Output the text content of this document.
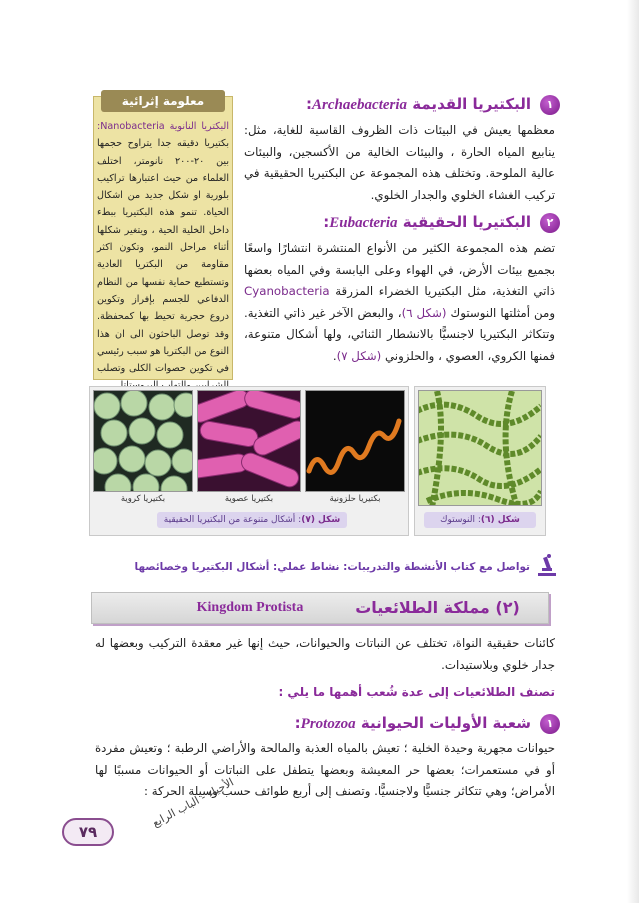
١
البكتيريا القديمة Archaebacteria:
معظمها يعيش في البيئات ذات الظروف القاسية للغاية، مثل: ينابيع المياه الحارة ، والبيئات الخالية من الأكسجين، والبيئات عالية الملوحة. وتختلف هذه المجموعة عن البكتيريا الحقيقية في تركيب الغشاء الخلوي والجدار الخلوي.
٢
البكتيريا الحقيقية Eubacteria:
تضم هذه المجموعة الكثير من الأنواع المنتشرة انتشارًا واسعًا بجميع بيئات الأرض، في الهواء وعلى اليابسة وفي المياه بعضها ذاتي التغذية، مثل البكتيريا الخضراء المزرقة Cyanobacteria ومن أمثلتها النوستوك (شكل ٦)، والبعض الآخر غير ذاتي التغذية. وتتكاثر البكتيريا لاجنسيًّا بالانشطار الثنائي، ولها أشكال متنوعة، فمنها الكروي، العصوي ، والحلزوني (شكل ٧).
معلومة إثرائية
البكتريا النانوية Nanobacteria: بكتيريا دقيقه جدا يتراوح حجمها بين ٢٠-٢٠٠ نانومتر، اختلف العلماء من حيث اعتبارها تراكيب بلورية او شكل جديد من اشكال الحياة. تنمو هذه البكتيريا ببطء داخل الخلية الحية ، ويتغير شكلها أثناء مراحل النمو، وتكون اكثر مقاومة من البكتريا العادية وتستطيع حماية نفسها من النظام الدفاعي للجسم بإفراز وتكوين دروع حجرية تحيط بها كمحفظة. وقد توصل الباحثون الى ان هذا النوع من البكتريا هو سبب رئيسي في تكوين حصوات الكلى وتصلب
بكتيريا كروية	بكتيريا عصوية	بكتيريا حلزونية
شكل (٧): أشكال متنوعة من البكتيريا الحقيقية	شكل (٦): النوستوك
تواصل مع كتاب الأنشطة والتدريبات: نشاط عملي: أشكال البكتيريا وخصائصها
(٢) مملكة الطلائعيات
Kingdom Protista
كائنات حقيقية النواة، تختلف عن النباتات والحيوانات، حيث إنها غير معقدة التركيب وبعضها له جدار خلوي وبلاستيدات.
تصنف الطلائعيات إلى عدة شُعب أهمها ما يلي :
١
شعبة الأوليات الحيوانية Protozoa:
حيوانات مجهرية وحيدة الخلية ؛ تعيش بالمياه العذبة والمالحة والأراضي الرطبة ؛ وتعيش مفردة أو في مستعمرات؛ بعضها حر المعيشة وبعضها يتطفل على النباتات أو الحيوانات مسببًا لها الأمراض؛ وهي تتكاثر جنسيًّا ولاجنسيًّا. وتصنف إلى أربع طوائف حسب وسيلة الحركة :
٧٩
الأحياء - الباب الرابع
